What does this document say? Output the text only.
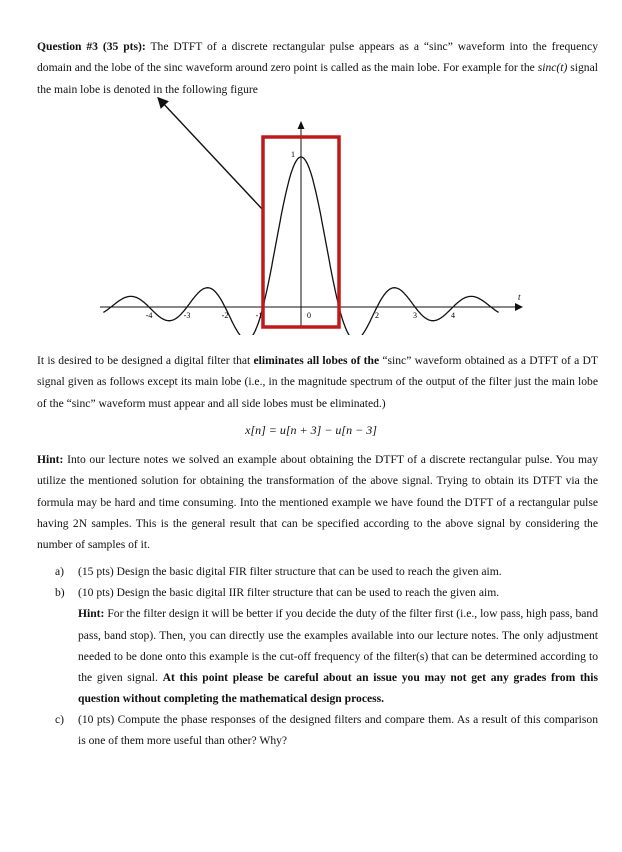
Question #3 (35 pts): The DTFT of a discrete rectangular pulse appears as a “sinc” waveform into the frequency domain and the lobe of the sinc waveform around zero point is called as the main lobe. For example for the sinc(t) signal the main lobe is denoted in the following figure

t
1
-4	-3	-2	-1	0	1	2	3	4

It is desired to be designed a digital filter that eliminates all lobes of the “sinc” waveform obtained as a DTFT of a DT signal given as follows except its main lobe (i.e., in the magnitude spectrum of the output of the filter just the main lobe of the “sinc” waveform must appear and all side lobes must be eliminated.)

x[n] = u[n + 3] − u[n − 3]

Hint: Into our lecture notes we solved an example about obtaining the DTFT of a discrete rectangular pulse. You may utilize the mentioned solution for obtaining the transformation of the above signal. Trying to obtain its DTFT via the formula may be hard and time consuming. Into the mentioned example we have found the DTFT of a rectangular pulse having 2N samples. This is the general result that can be specified according to the above signal by considering the number of samples of it.

a) (15 pts) Design the basic digital FIR filter structure that can be used to reach the given aim.
b) (10 pts) Design the basic digital IIR filter structure that can be used to reach the given aim.
Hint: For the filter design it will be better if you decide the duty of the filter first (i.e., low pass, high pass, band pass, band stop). Then, you can directly use the examples available into our lecture notes. The only adjustment needed to be done onto this example is the cut-off frequency of the filter(s) that can be determined according to the given signal. At this point please be careful about an issue you may not get any grades from this question without completing the mathematical design process.
c) (10 pts) Compute the phase responses of the designed filters and compare them. As a result of this comparison is one of them more useful than other? Why?
